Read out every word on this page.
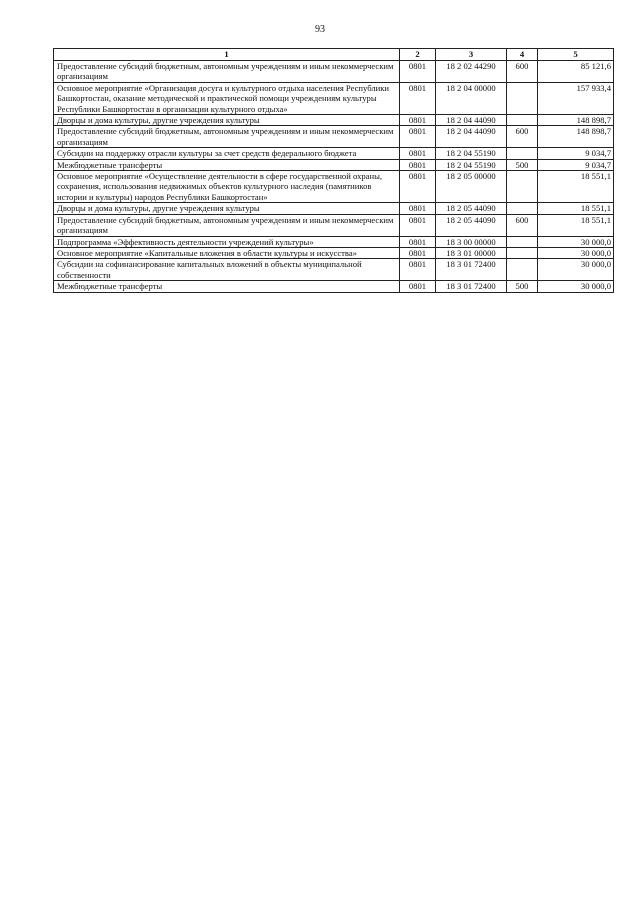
93
1	2	3	4	5
Предоставление субсидий бюджетным, автономным учреждениям и иным некоммерческим организациям	0801	18 2 02 44290	600	85 121,6
Основное мероприятие «Организация досуга и культурного отдыха населения Республики Башкортостан, оказание методической и практической помощи учреждениям культуры Республики Башкортостан в организации культурного отдыха»	0801	18 2 04 00000		157 933,4
Дворцы и дома культуры, другие учреждения культуры	0801	18 2 04 44090		148 898,7
Предоставление субсидий бюджетным, автономным учреждениям и иным некоммерческим организациям	0801	18 2 04 44090	600	148 898,7
Субсидии на поддержку отрасли культуры за счет средств федерального бюджета	0801	18 2 04 55190		9 034,7
Межбюджетные трансферты	0801	18 2 04 55190	500	9 034,7
Основное мероприятие «Осуществление деятельности в сфере государственной охраны, сохранения, использования недвижимых объектов культурного наследия (памятников истории и культуры) народов Республики Башкортостан»	0801	18 2 05 00000		18 551,1
Дворцы и дома культуры, другие учреждения культуры	0801	18 2 05 44090		18 551,1
Предоставление субсидий бюджетным, автономным учреждениям и иным некоммерческим организациям	0801	18 2 05 44090	600	18 551,1
Подпрограмма «Эффективность деятельности учреждений культуры»	0801	18 3 00 00000		30 000,0
Основное мероприятие «Капитальные вложения в области культуры и искусства»	0801	18 3 01 00000		30 000,0
Субсидии на софинансирование капитальных вложений в объекты муниципальной собственности	0801	18 3 01 72400		30 000,0
Межбюджетные трансферты	0801	18 3 01 72400	500	30 000,0
